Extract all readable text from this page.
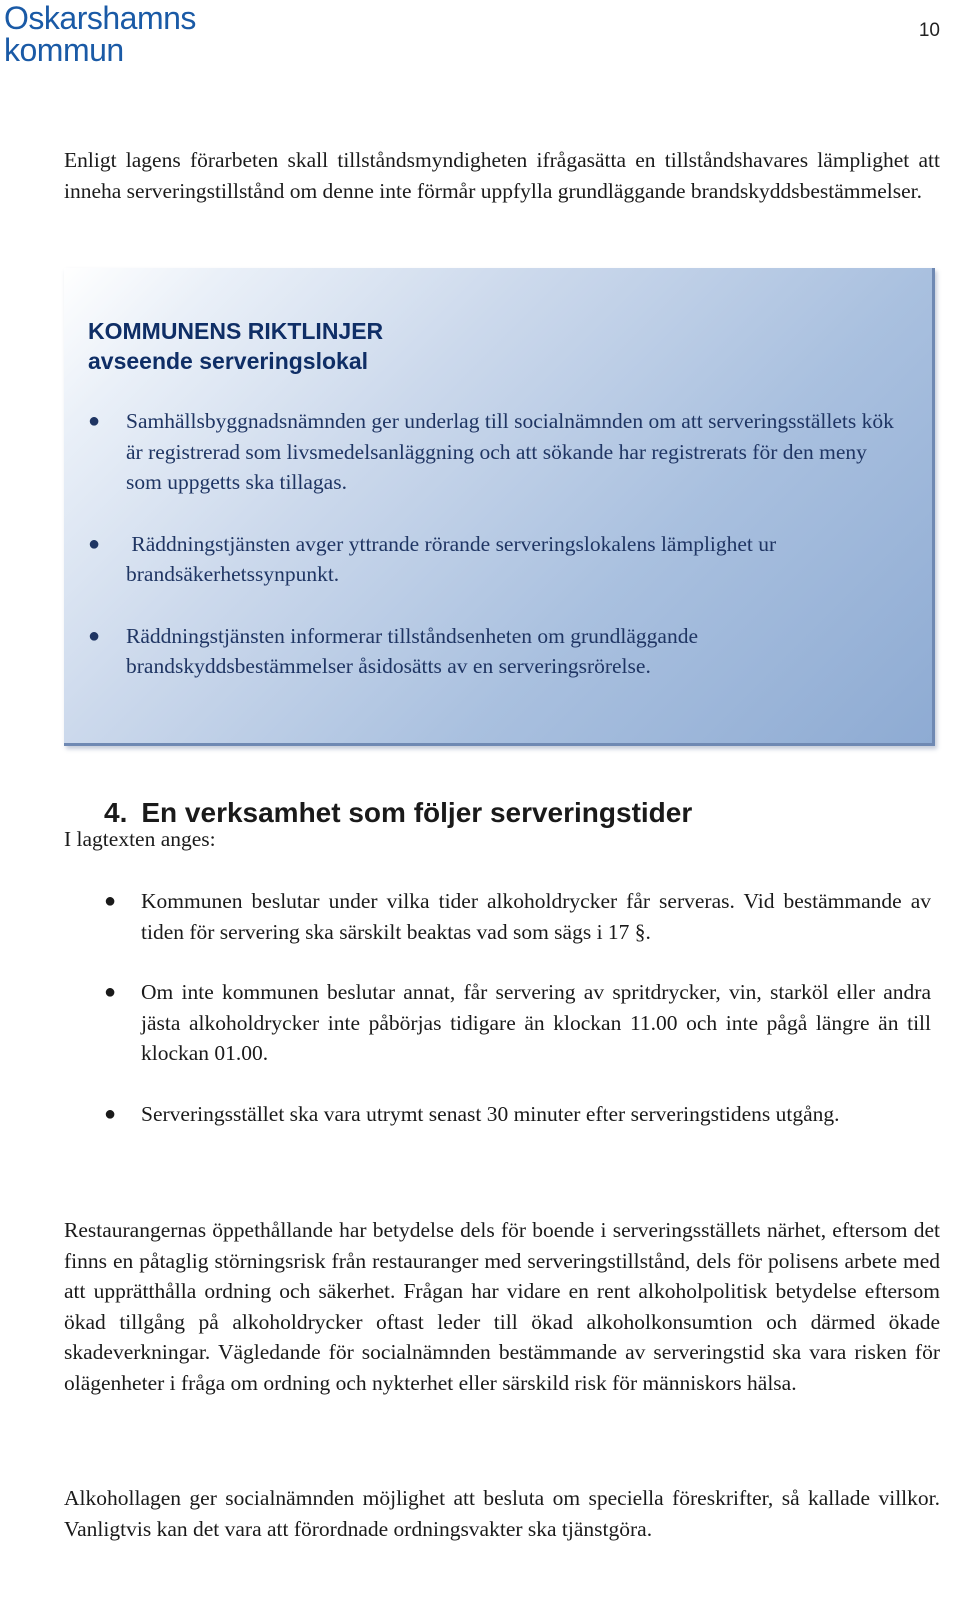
Oskarshamns
kommun
10

Enligt lagens förarbeten skall tillståndsmyndigheten ifrågasätta en tillståndshavares lämplighet att inneha serveringstillstånd om denne inte förmår uppfylla grundläggande brandskyddsbestämmelser.

KOMMUNENS RIKTLINJER
avseende serveringslokal
● Samhällsbyggnadsnämnden ger underlag till socialnämnden om att serveringsställets kök är registrerad som livsmedelsanläggning och att sökande har registrerats för den meny som uppgetts ska tillagas.
● Räddningstjänsten avger yttrande rörande serveringslokalens lämplighet ur brandsäkerhetssynpunkt.
● Räddningstjänsten informerar tillståndsenheten om grundläggande brandskyddsbestämmelser åsidosätts av en serveringsrörelse.
4. En verksamhet som följer serveringstider
I lagtexten anges:
● Kommunen beslutar under vilka tider alkoholdrycker får serveras. Vid bestämmande av tiden för servering ska särskilt beaktas vad som sägs i 17 §.
● Om inte kommunen beslutar annat, får servering av spritdrycker, vin, starköl eller andra jästa alkoholdrycker inte påbörjas tidigare än klockan 11.00 och inte pågå längre än till klockan 01.00.
● Serveringsstället ska vara utrymt senast 30 minuter efter serveringstidens utgång.

Restaurangernas öppethållande har betydelse dels för boende i serveringsställets närhet, eftersom det finns en påtaglig störningsrisk från restauranger med serveringstillstånd, dels för polisens arbete med att upprätthålla ordning och säkerhet. Frågan har vidare en rent alkoholpolitisk betydelse eftersom ökad tillgång på alkoholdrycker oftast leder till ökad alkoholkonsumtion och därmed ökade skadeverkningar. Vägledande för socialnämnden bestämmande av serveringstid ska vara risken för olägenheter i fråga om ordning och nykterhet eller särskild risk för människors hälsa.

Alkohollagen ger socialnämnden möjlighet att besluta om speciella föreskrifter, så kallade villkor. Vanligtvis kan det vara att förordnade ordningsvakter ska tjänstgöra.
